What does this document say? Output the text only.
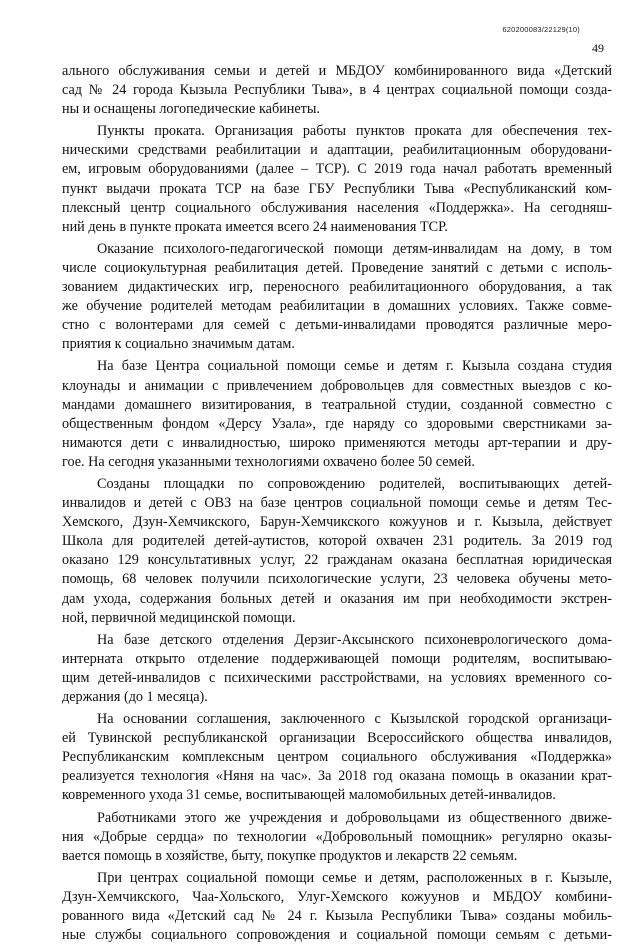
620200083/22129(10)
49
ального обслуживания семьи и детей и МБДОУ комбинированного вида «Детский
сад № 24 города Кызыла Республики Тыва», в 4 центрах социальной помощи созда-
ны и оснащены логопедические кабинеты.
Пункты проката. Организация работы пунктов проката для обеспечения тех-
ническими средствами реабилитации и адаптации, реабилитационным оборудовани-
ем, игровым оборудованиями (далее – ТСР). С 2019 года начал работать временный
пункт выдачи проката ТСР на базе ГБУ Республики Тыва «Республиканский ком-
плексный центр социального обслуживания населения «Поддержка». На сегодняш-
ний день в пункте проката имеется всего 24 наименования ТСР.
Оказание психолого-педагогической помощи детям-инвалидам на дому, в том
числе социокультурная реабилитация детей. Проведение занятий с детьми с исполь-
зованием дидактических игр, переносного реабилитационного оборудования, а так
же обучение родителей методам реабилитации в домашних условиях. Также совме-
стно с волонтерами для семей с детьми-инвалидами проводятся различные меро-
приятия к социально значимым датам.
На базе Центра социальной помощи семье и детям г. Кызыла создана студия
клоунады и анимации с привлечением добровольцев для совместных выездов с ко-
мандами домашнего визитирования, в театральной студии, созданной совместно с
общественным фондом «Дерсу Узала», где наряду со здоровыми сверстниками за-
нимаются дети с инвалидностью, широко применяются методы арт-терапии и дру-
гое. На сегодня указанными технологиями охвачено более 50 семей.
Созданы площадки по сопровождению родителей, воспитывающих детей-
инвалидов и детей с ОВЗ на базе центров социальной помощи семье и детям Тес-
Хемского, Дзун-Хемчикского, Барун-Хемчикского кожуунов и г. Кызыла, действует
Школа для родителей детей-аутистов, которой охвачен 231 родитель. За 2019 год
оказано 129 консультативных услуг, 22 гражданам оказана бесплатная юридическая
помощь, 68 человек получили психологические услуги, 23 человека обучены мето-
дам ухода, содержания больных детей и оказания им при необходимости экстрен-
ной, первичной медицинской помощи.
На базе детского отделения Дерзиг-Аксынского психоневрологического дома-
интерната открыто отделение поддерживающей помощи родителям, воспитываю-
щим детей-инвалидов с психическими расстройствами, на условиях временного со-
держания (до 1 месяца).
На основании соглашения, заключенного с Кызылской городской организаци-
ей Тувинской республиканской организации Всероссийского общества инвалидов,
Республиканским комплексным центром социального обслуживания «Поддержка»
реализуется технология «Няня на час». За 2018 год оказана помощь в оказании крат-
ковременного ухода 31 семье, воспитывающей маломобильных детей-инвалидов.
Работниками этого же учреждения и добровольцами из общественного движе-
ния «Добрые сердца» по технологии «Добровольный помощник» регулярно оказы-
вается помощь в хозяйстве, быту, покупке продуктов и лекарств 22 семьям.
При центрах социальной помощи семье и детям, расположенных в г. Кызыле,
Дзун-Хемчикского, Чаа-Хольского, Улуг-Хемского кожуунов и МБДОУ комбини-
рованного вида «Детский сад № 24 г. Кызыла Республики Тыва» созданы мобиль-
ные службы социального сопровождения и социальной помощи семьям с детьми-
